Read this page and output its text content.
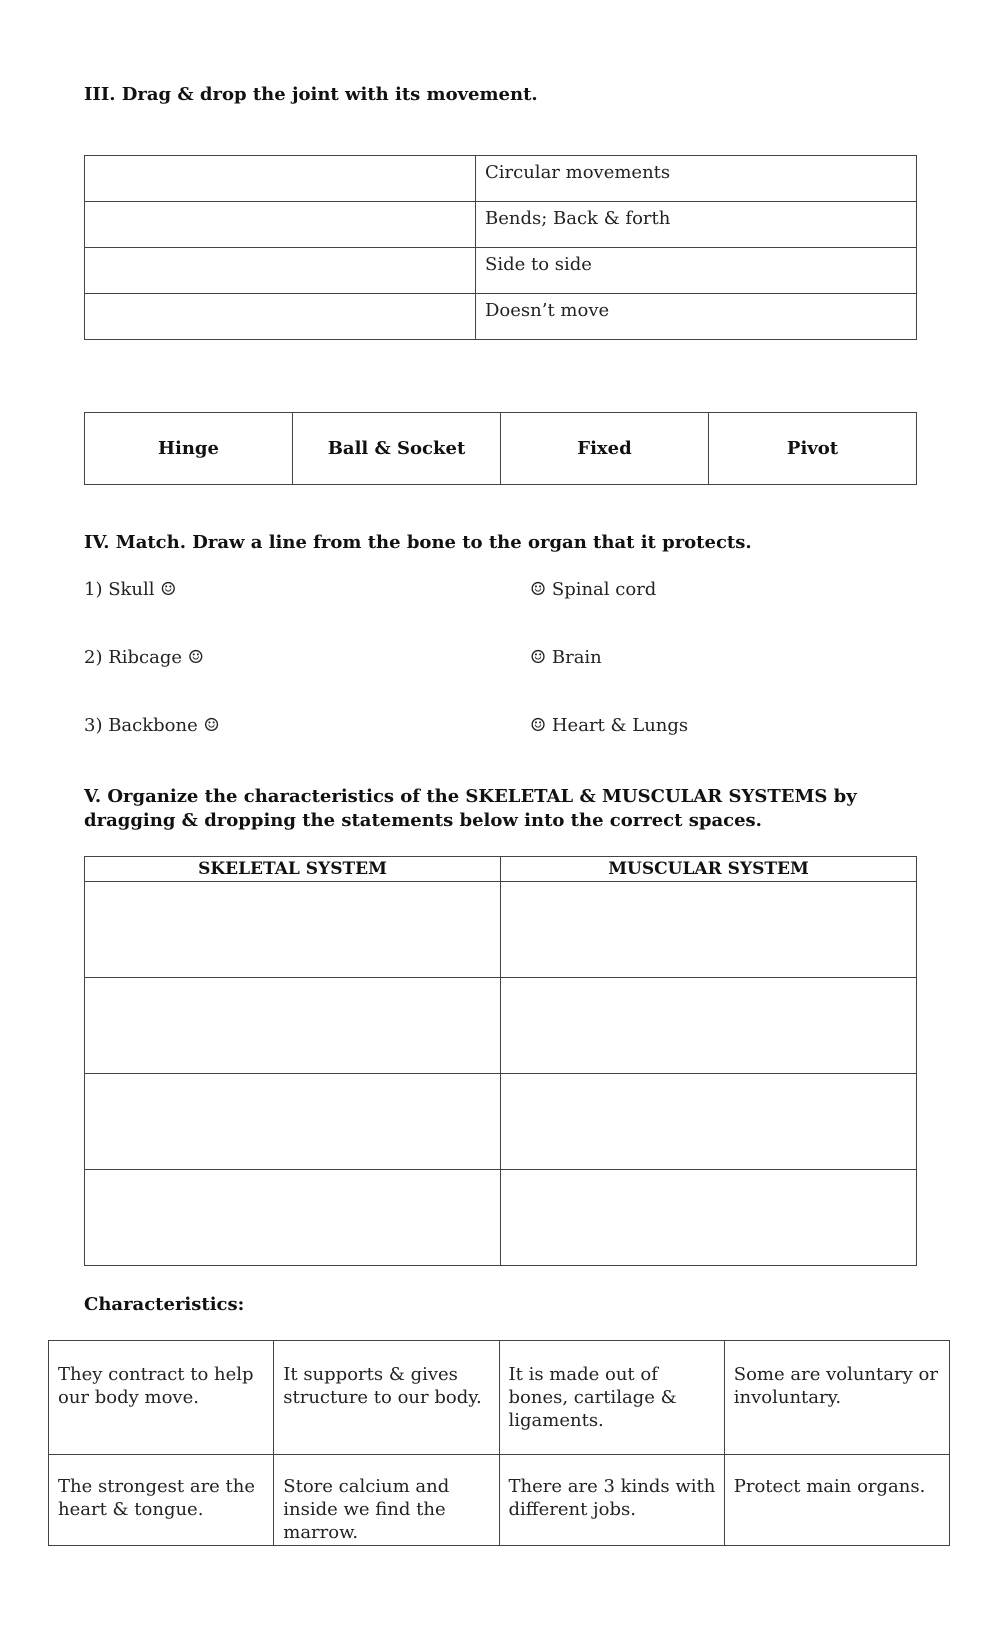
III. Drag & drop the joint with its movement.
	Circular movements
	Bends; Back & forth
	Side to side
	Doesn’t move
Hinge	Ball & Socket	Fixed	Pivot
IV. Match. Draw a line from the bone to the organ that it protects.
1) Skull ☺
2) Ribcage ☺
3) Backbone ☺
☺ Spinal cord
☺ Brain
☺ Heart & Lungs
V. Organize the characteristics of the SKELETAL & MUSCULAR SYSTEMS by
dragging & dropping the statements below into the correct spaces.
SKELETAL SYSTEM	MUSCULAR SYSTEM

Characteristics:
They contract to help our body move.	It supports & gives structure to our body.	It is made out of bones, cartilage & ligaments.	Some are voluntary or involuntary.
The strongest are the heart & tongue.	Store calcium and inside we find the marrow.	There are 3 kinds with different jobs.	Protect main organs.
